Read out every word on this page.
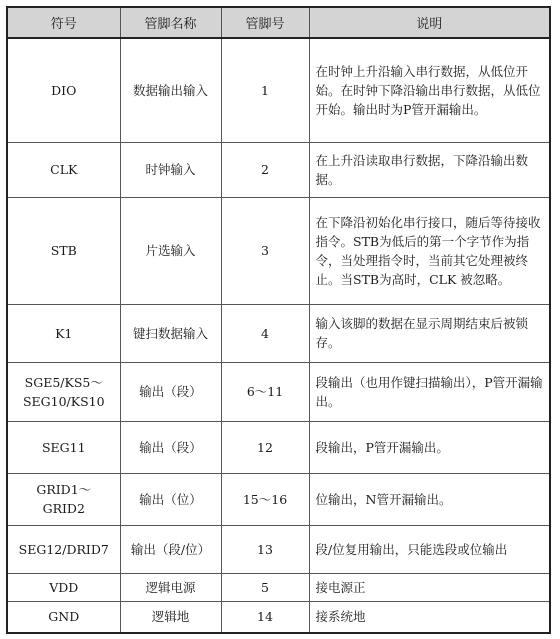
符号	管脚名称	管脚号	说明
DIO	数据输出输入	1	在时钟上升沿输入串行数据，从低位开始。在时钟下降沿输出串行数据，从低位开始。输出时为P管开漏输出。
CLK	时钟输入	2	在上升沿读取串行数据，下降沿输出数据。
STB	片选输入	3	在下降沿初始化串行接口，随后等待接收指令。STB为低后的第一个字节作为指令，当处理指令时，当前其它处理被终止。当STB为高时，CLK 被忽略。
K1	键扫数据输入	4	输入该脚的数据在显示周期结束后被锁存。
SGE5/KS5～ SEG10/KS10	输出（段）	6～11	段输出（也用作键扫描输出），P管开漏输出。
SEG11	输出（段）	12	段输出，P管开漏输出。
GRID1～ GRID2	输出（位）	15～16	位输出，N管开漏输出。
SEG12/DRID7	输出（段/位）	13	段/位复用输出，只能选段或位输出
VDD	逻辑电源	5	接电源正
GND	逻辑地	14	接系统地
